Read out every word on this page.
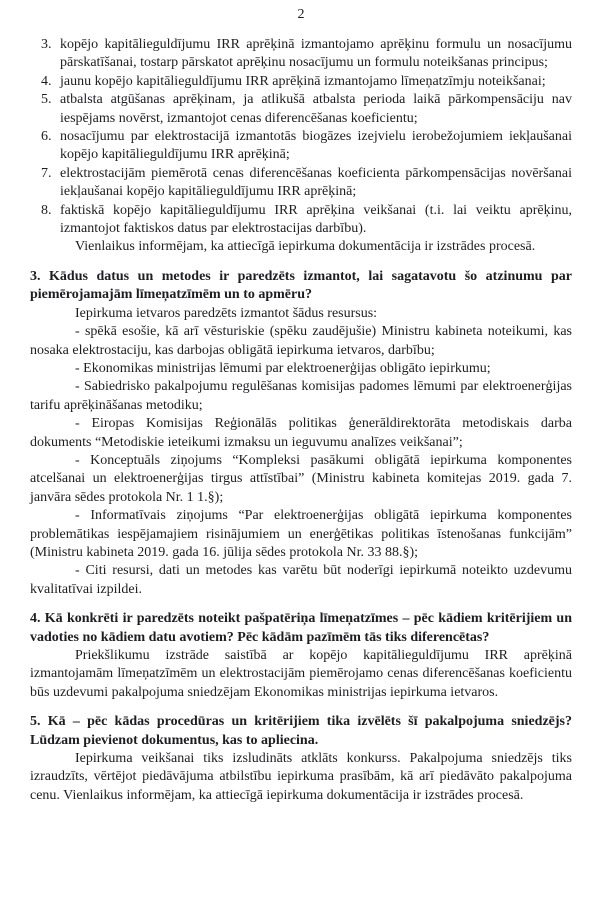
2
3. kopējo kapitālieguldījumu IRR aprēķinā izmantojamo aprēķinu formulu un nosacījumu pārskatīšanai, tostarp pārskatot aprēķinu nosacījumu un formulu noteikšanas principus;
4. jaunu kopējo kapitālieguldījumu IRR aprēķinā izmantojamo līmeņatzīmju noteikšanai;
5. atbalsta atgūšanas aprēķinam, ja atlikušā atbalsta perioda laikā pārkompensāciju nav iespējams novērst, izmantojot cenas diferencēšanas koeficientu;
6. nosacījumu par elektrostacijā izmantotās biogāzes izejvielu ierobežojumiem iekļaušanai kopējo kapitālieguldījumu IRR aprēķinā;
7. elektrostacijām piemērotā cenas diferencēšanas koeficienta pārkompensācijas novēršanai iekļaušanai kopējo kapitālieguldījumu IRR aprēķinā;
8. faktiskā kopējo kapitālieguldījumu IRR aprēķina veikšanai (t.i. lai veiktu aprēķinu, izmantojot faktiskos datus par elektrostacijas darbību).

Vienlaikus informējam, ka attiecīgā iepirkuma dokumentācija ir izstrādes procesā.

3. Kādus datus un metodes ir paredzēts izmantot, lai sagatavotu šo atzinumu par piemērojamajām līmeņatzīmēm un to apmēru?

Iepirkuma ietvaros paredzēts izmantot šādus resursus:

- spēkā esošie, kā arī vēsturiskie (spēku zaudējušie) Ministru kabineta noteikumi, kas nosaka elektrostaciju, kas darbojas obligātā iepirkuma ietvaros, darbību;

- Ekonomikas ministrijas lēmumi par elektroenerģijas obligāto iepirkumu;

- Sabiedrisko pakalpojumu regulēšanas komisijas padomes lēmumi par elektroenerģijas tarifu aprēķināšanas metodiku;

- Eiropas Komisijas Reģionālās politikas ģenerāldirektorāta metodiskais darba dokuments “Metodiskie ieteikumi izmaksu un ieguvumu analīzes veikšanai”;

- Konceptuāls ziņojums “Kompleksi pasākumi obligātā iepirkuma komponentes atcelšanai un elektroenerģijas tirgus attīstībai” (Ministru kabineta komitejas 2019. gada 7. janvāra sēdes protokola Nr. 1 1.§);

- Informatīvais ziņojums “Par elektroenerģijas obligātā iepirkuma komponentes problemātikas iespējamajiem risinājumiem un enerģētikas politikas īstenošanas funkcijām” (Ministru kabineta 2019. gada 16. jūlija sēdes protokola Nr. 33 88.§);

- Citi resursi, dati un metodes kas varētu būt noderīgi iepirkumā noteikto uzdevumu kvalitatīvai izpildei.

4. Kā konkrēti ir paredzēts noteikt pašpatēriņa līmeņatzīmes – pēc kādiem kritērijiem un vadoties no kādiem datu avotiem? Pēc kādām pazīmēm tās tiks diferencētas?

Priekšlikumu izstrāde saistībā ar kopējo kapitālieguldījumu IRR aprēķinā izmantojamām līmeņatzīmēm un elektrostacijām piemērojamo cenas diferencēšanas koeficientu būs uzdevumi pakalpojuma sniedzējam Ekonomikas ministrijas iepirkuma ietvaros.

5. Kā – pēc kādas procedūras un kritērijiem tika izvēlēts šī pakalpojuma sniedzējs? Lūdzam pievienot dokumentus, kas to apliecina.

Iepirkuma veikšanai tiks izsludināts atklāts konkurss. Pakalpojuma sniedzējs tiks izraudzīts, vērtējot piedāvājuma atbilstību iepirkuma prasībām, kā arī piedāvāto pakalpojuma cenu. Vienlaikus informējam, ka attiecīgā iepirkuma dokumentācija ir izstrādes procesā.
